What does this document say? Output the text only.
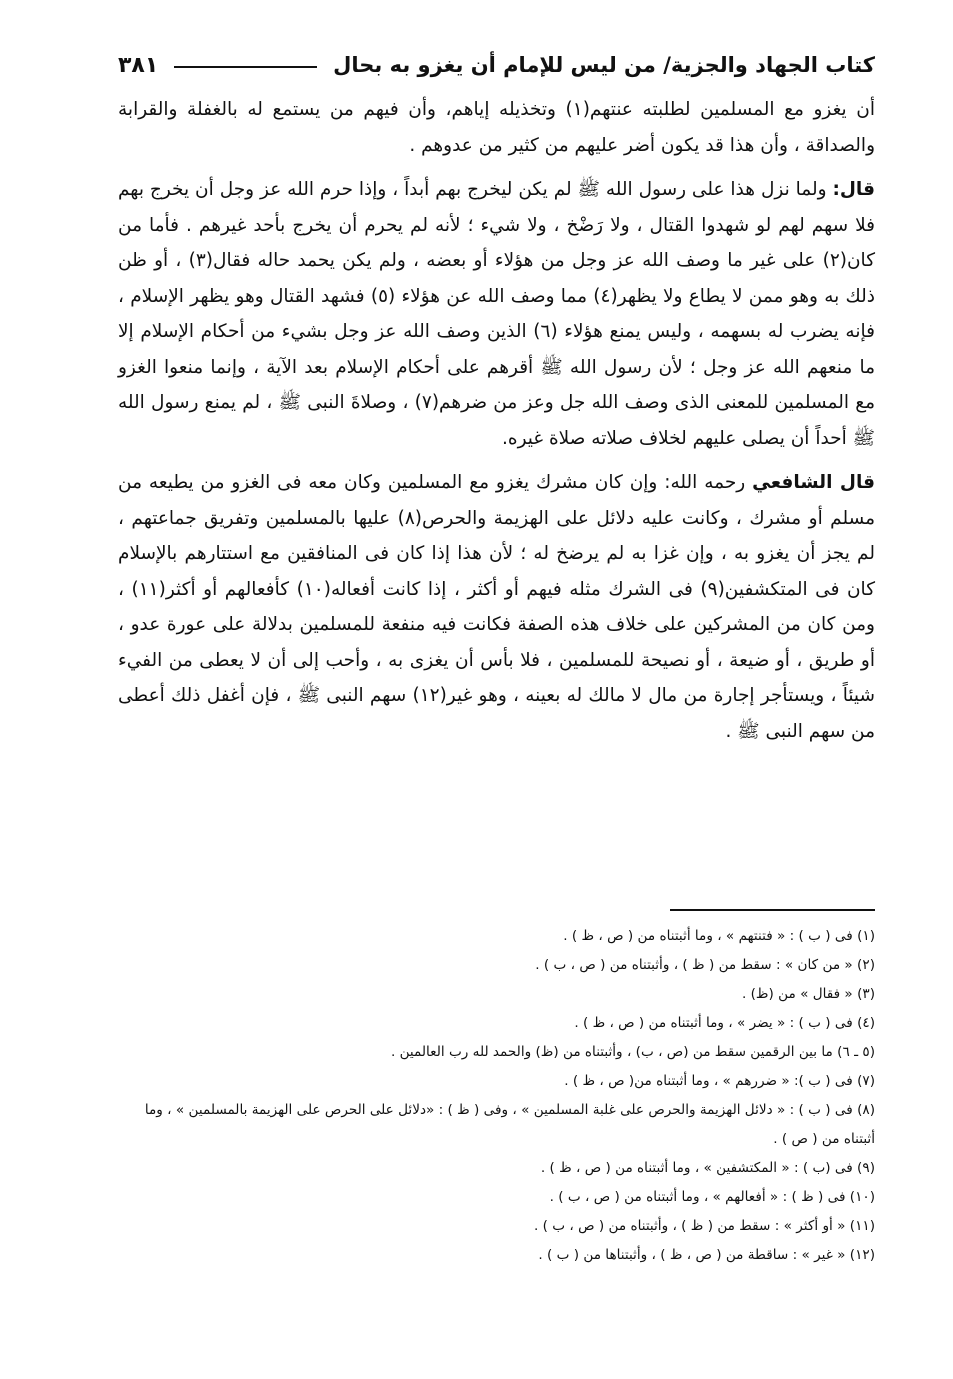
كتاب الجهاد والجزية/ من ليس للإمام أن يغزو به بحال
٣٨١

أن يغزو مع المسلمين لطلبته عنتهم(١) وتخذيله إياهم، وأن فيهم من يستمع له بالغفلة والقرابة والصداقة ، وأن هذا قد يكون أضر عليهم من كثير من عدوهم .

قال: ولما نزل هذا على رسول الله ﷺ لم يكن ليخرج بهم أبداً ، وإذا حرم الله عز وجل أن يخرج بهم فلا سهم لهم لو شهدوا القتال ، ولا رَضْخ ، ولا شيء ؛ لأنه لم يحرم أن يخرج بأحد غيرهم . فأما من كان(٢) على غير ما وصف الله عز وجل من هؤلاء أو بعضه ، ولم يكن يحمد حاله فقال(٣) ، أو ظن ذلك به وهو ممن لا يطاع ولا يظهر(٤) مما وصف الله عن هؤلاء (٥) فشهد القتال وهو يظهر الإسلام ، فإنه يضرب له بسهمه ، وليس يمنع هؤلاء (٦) الذين وصف الله عز وجل بشيء من أحكام الإسلام إلا ما منعهم الله عز وجل ؛ لأن رسول الله ﷺ أقرهم على أحكام الإسلام بعد الآية ، وإنما منعوا الغزو مع المسلمين للمعنى الذى وصف الله جل وعز من ضرهم(٧) ، وصلاةَ النبى ﷺ ، لم يمنع رسول الله ﷺ أحداً أن يصلى عليهم لخلاف صلاته صلاة غيره.

قال الشافعي رحمه الله: وإن كان مشرك يغزو مع المسلمين وكان معه فى الغزو من يطيعه من مسلم أو مشرك ، وكانت عليه دلائل على الهزيمة والحرص(٨) عليها بالمسلمين وتفريق جماعتهم ، لم يجز أن يغزو به ، وإن غزا به لم يرضخ له ؛ لأن هذا إذا كان فى المنافقين مع استتارهم بالإسلام كان فى المتكشفين(٩) فى الشرك مثله فيهم أو أكثر ، إذا كانت أفعاله(١٠) كأفعالهم أو أكثر(١١) ، ومن كان من المشركين على خلاف هذه الصفة فكانت فيه منفعة للمسلمين بدلالة على عورة عدو ، أو طريق ، أو ضيعة ، أو نصيحة للمسلمين ، فلا بأس أن يغزى به ، وأحب إلى أن لا يعطى من الفيء شيئاً ، ويستأجر إجارة من مال لا مالك له بعينه ، وهو غير(١٢) سهم النبى ﷺ ، فإن أغفل ذلك أعطى من سهم النبى ﷺ .

(١) فى ( ب ) : « فتنتهم » ، وما أثبتناه من ( ص ، ظ ) .

(٢) « من كان » : سقط من ( ظ ) ، وأثبتناه من ( ص ، ب ) .

(٣) « فقال » من (ظ) .

(٤) فى ( ب ) : « يضر » ، وما أثبتناه من ( ص ، ظ ) .

(٥ ـ ٦) ما بين الرقمين سقط من (ص ، ب) ، وأثبتناه من (ظ) والحمد لله رب العالمين .

(٧) فى ( ب ): « ضررهم » ، وما أثبتناه من( ص ، ظ ) .

(٨) فى ( ب ) : « دلائل الهزيمة والحرص على غلبة المسلمين » ، وفى ( ظ ) : «دلائل على الحرص على الهزيمة بالمسلمين » ، وما أثبتناه من ( ص ) .

(٩) فى (ب ) : « المكتشفين » ، وما أثبتناه من ( ص ، ظ ) .

(١٠) فى ( ظ ) : « أفعالهم » ، وما أثبتناه من ( ص ، ب ) .

(١١) « أو أكثر » : سقط من ( ظ ) ، وأثبتناه من ( ص ، ب ) .

(١٢) « غير » : ساقطة من ( ص ، ظ ) ، وأثبتناها من ( ب ) .
